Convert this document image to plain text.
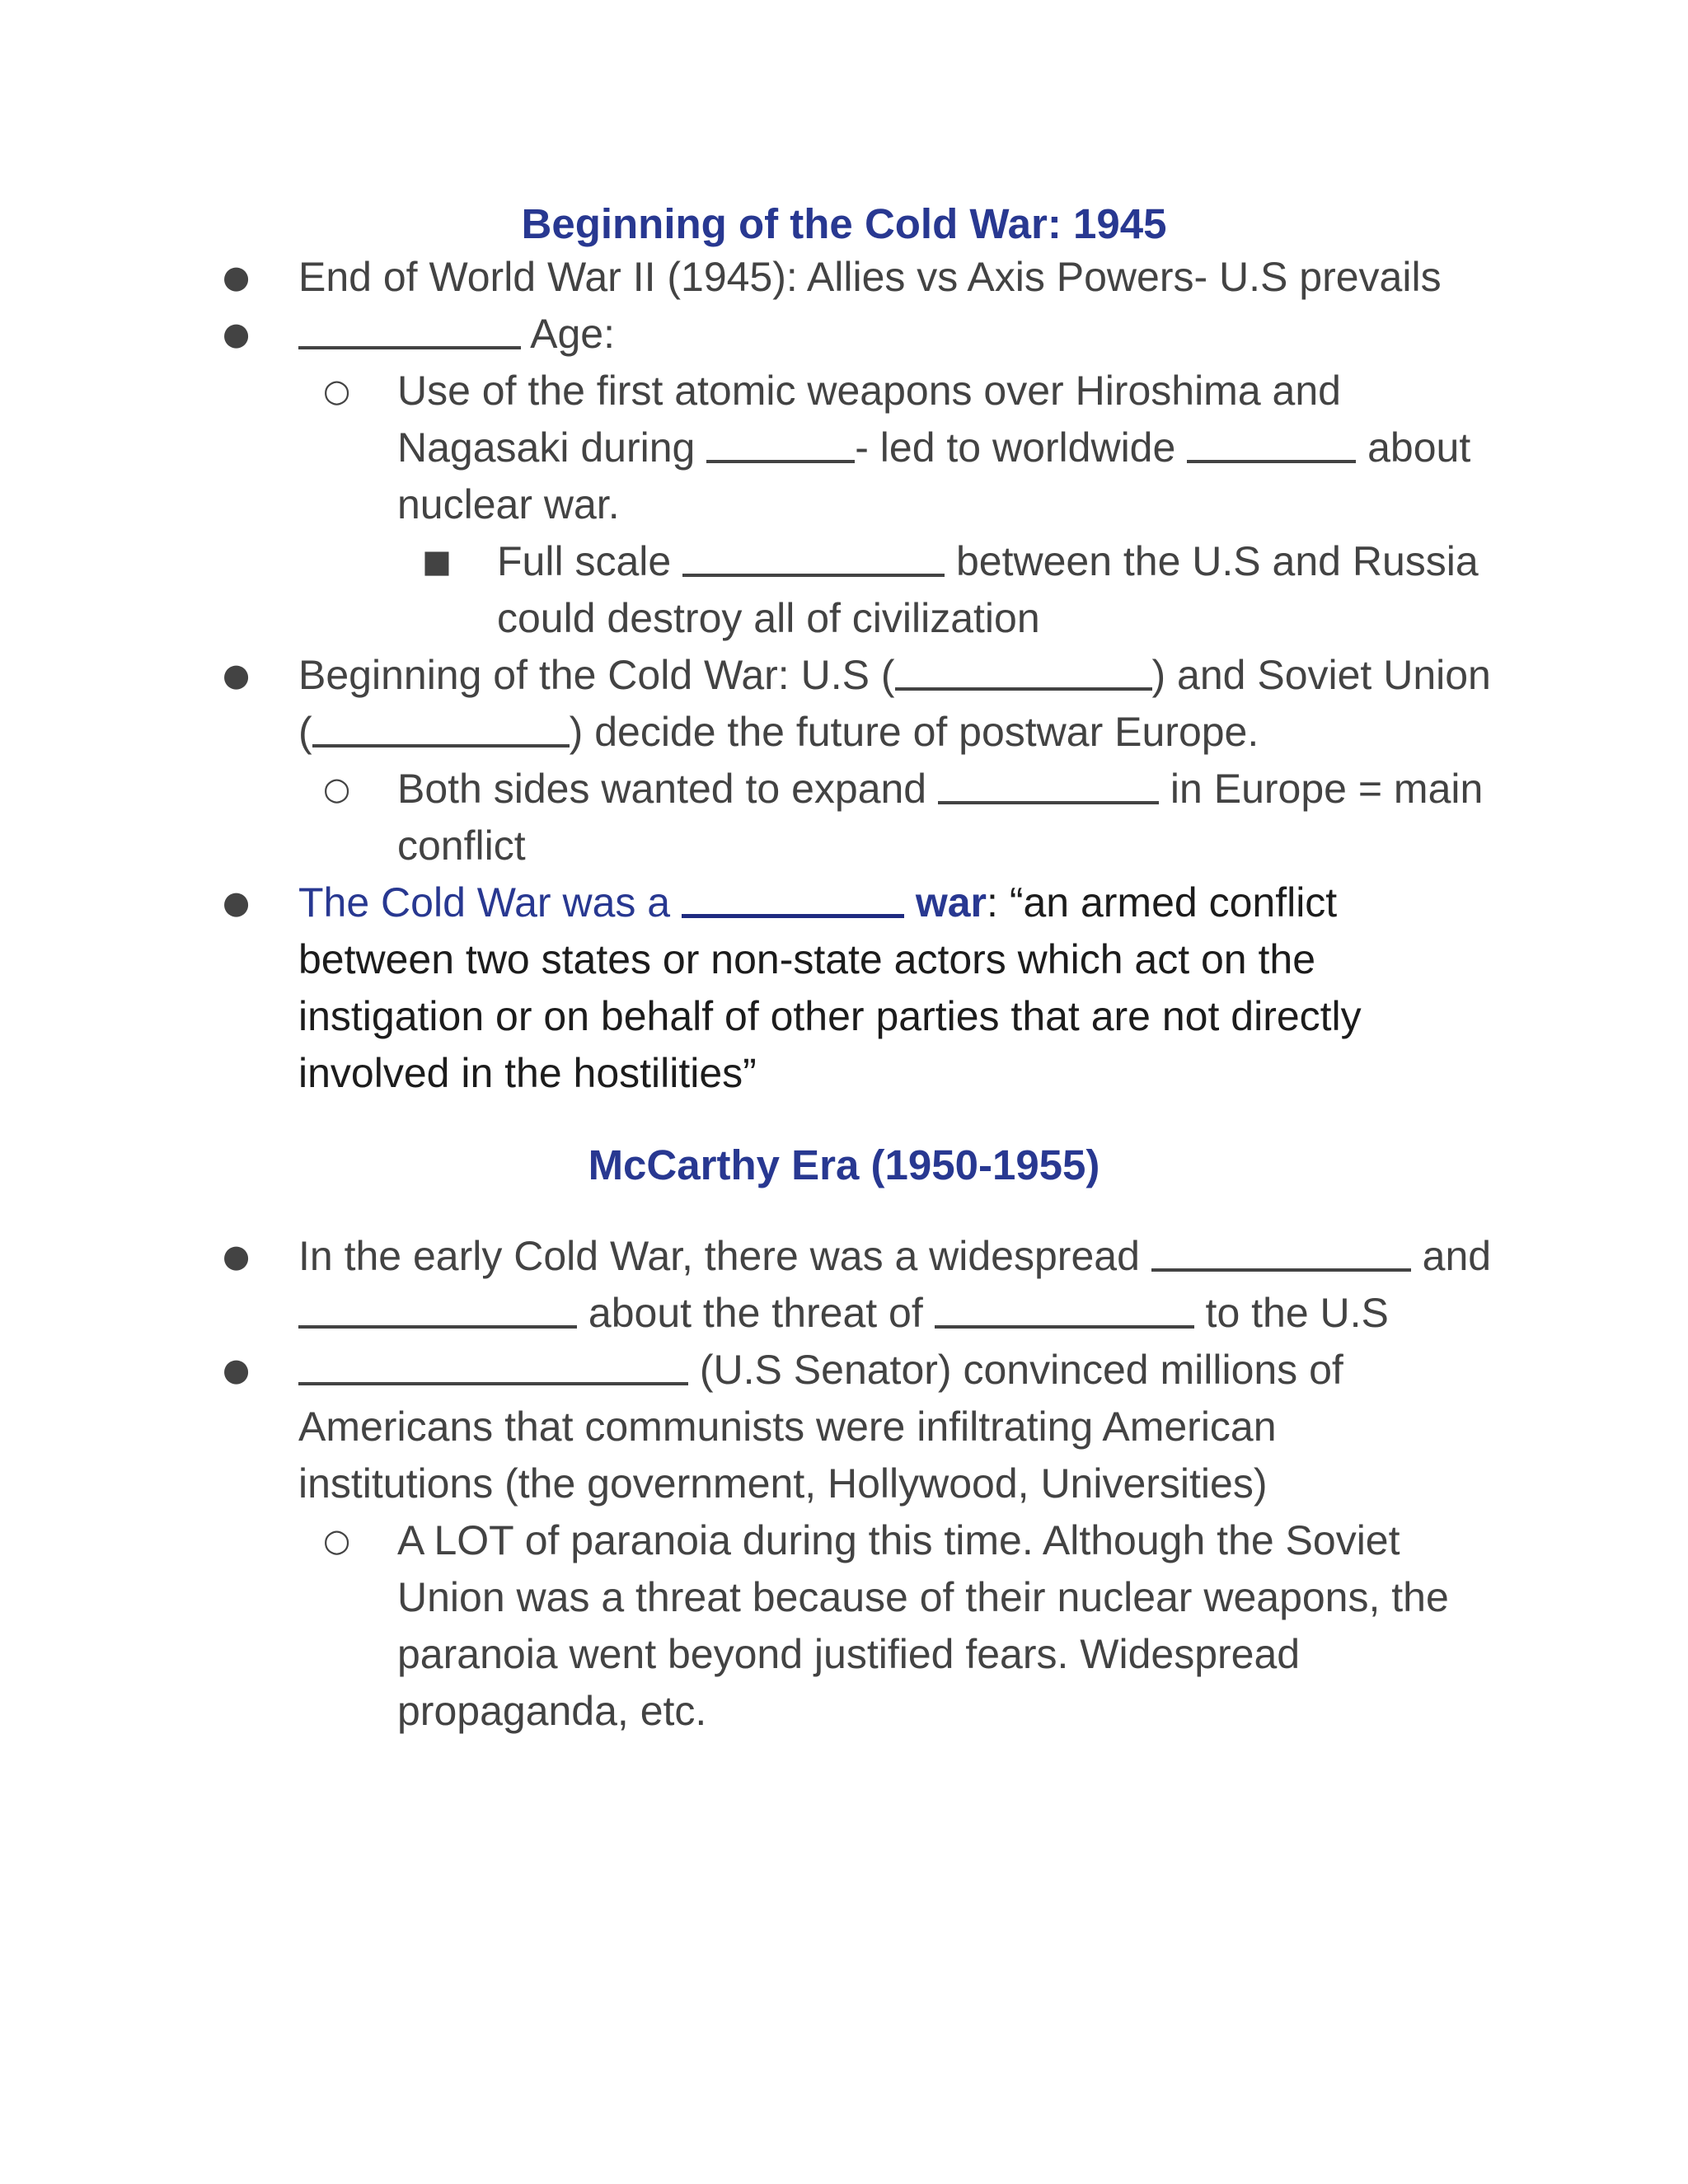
Beginning of the Cold War: 1945
● End of World War II (1945): Allies vs Axis Powers- U.S prevails
●	Age:
○ Use of the first atomic weapons over Hiroshima and
Nagasaki during	- led to worldwide	about
nuclear war.
■ Full scale	between the U.S and Russia
could destroy all of civilization
● Beginning of the Cold War: U.S (	) and Soviet Union
(	) decide the future of postwar Europe.
○ Both sides wanted to expand	in Europe = main
conflict
● The Cold War was a	war: “an armed conflict
between two states or non-state actors which act on the
instigation or on behalf of other parties that are not directly
involved in the hostilities”
McCarthy Era (1950-1955)
● In the early Cold War, there was a widespread	and
about the threat of	to the U.S
●	(U.S Senator) convinced millions of
Americans that communists were infiltrating American
institutions (the government, Hollywood, Universities)
○ A LOT of paranoia during this time. Although the Soviet
Union was a threat because of their nuclear weapons, the
paranoia went beyond justified fears. Widespread
propaganda, etc.
